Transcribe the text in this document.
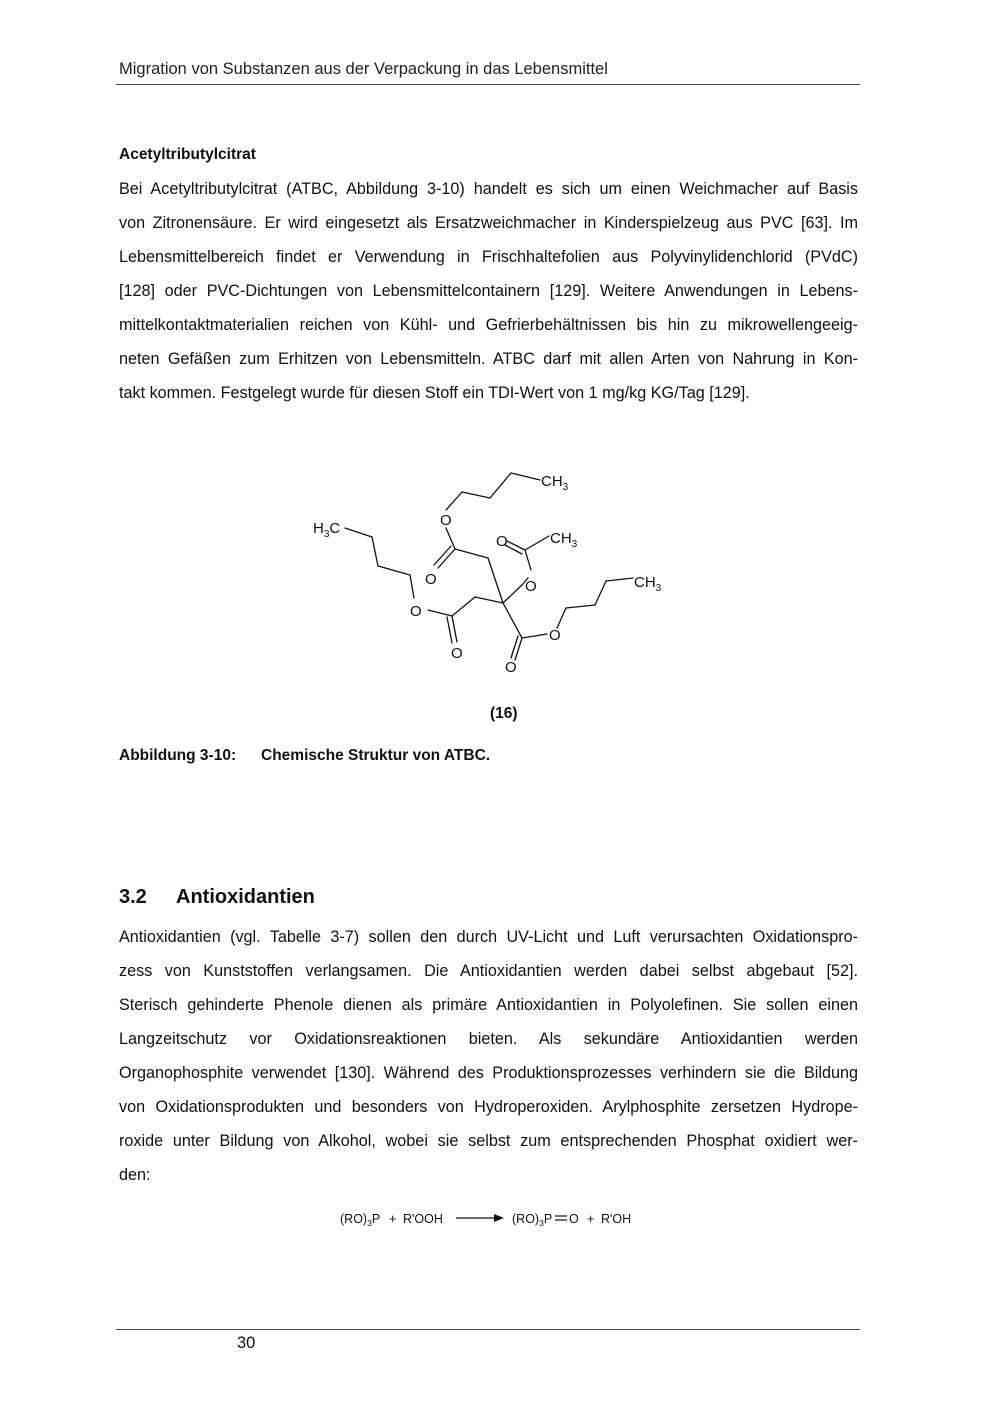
Migration von Substanzen aus der Verpackung in das Lebensmittel
Acetyltributylcitrat

Bei Acetyltributylcitrat (ATBC, Abbildung 3-10) handelt es sich um einen Weichmacher auf Basis
von Zitronensäure. Er wird eingesetzt als Ersatzweichmacher in Kinderspielzeug aus PVC [63]. Im
Lebensmittelbereich findet er Verwendung in Frischhaltefolien aus Polyvinylidenchlorid (PVdC)
[128] oder PVC-Dichtungen von Lebensmittelcontainern [129]. Weitere Anwendungen in Lebens-
mittelkontaktmaterialien reichen von Kühl- und Gefrierbehältnissen bis hin zu mikrowellengeeig-
neten Gefäßen zum Erhitzen von Lebensmitteln. ATBC darf mit allen Arten von Nahrung in Kon-
takt kommen. Festgelegt wurde für diesen Stoff ein TDI-Wert von 1 mg/kg KG/Tag [129].

$CH_3$
$H_3C$
$CH_3$
$CH_3$
O
O
O
O
O
O
O
O
(16)
Abbildung 3-10: Chemische Struktur von ATBC.
3.2 Antioxidantien

Antioxidantien (vgl. Tabelle 3-7) sollen den durch UV-Licht und Luft verursachten Oxidationspro-
zess von Kunststoffen verlangsamen. Die Antioxidantien werden dabei selbst abgebaut [52].
Sterisch gehinderte Phenole dienen als primäre Antioxidantien in Polyolefinen. Sie sollen einen
Langzeitschutz vor Oxidationsreaktionen bieten. Als sekundäre Antioxidantien werden
Organophosphite verwendet [130]. Während des Produktionsprozesses verhindern sie die Bildung
von Oxidationsprodukten und besonders von Hydroperoxiden. Arylphosphite zersetzen Hydrope-
roxide unter Bildung von Alkohol, wobei sie selbst zum entsprechenden Phosphat oxidiert wer-
den:

$(RO)_3P + R'OOH$	$(RO)_3P$ O + R'OH
30
